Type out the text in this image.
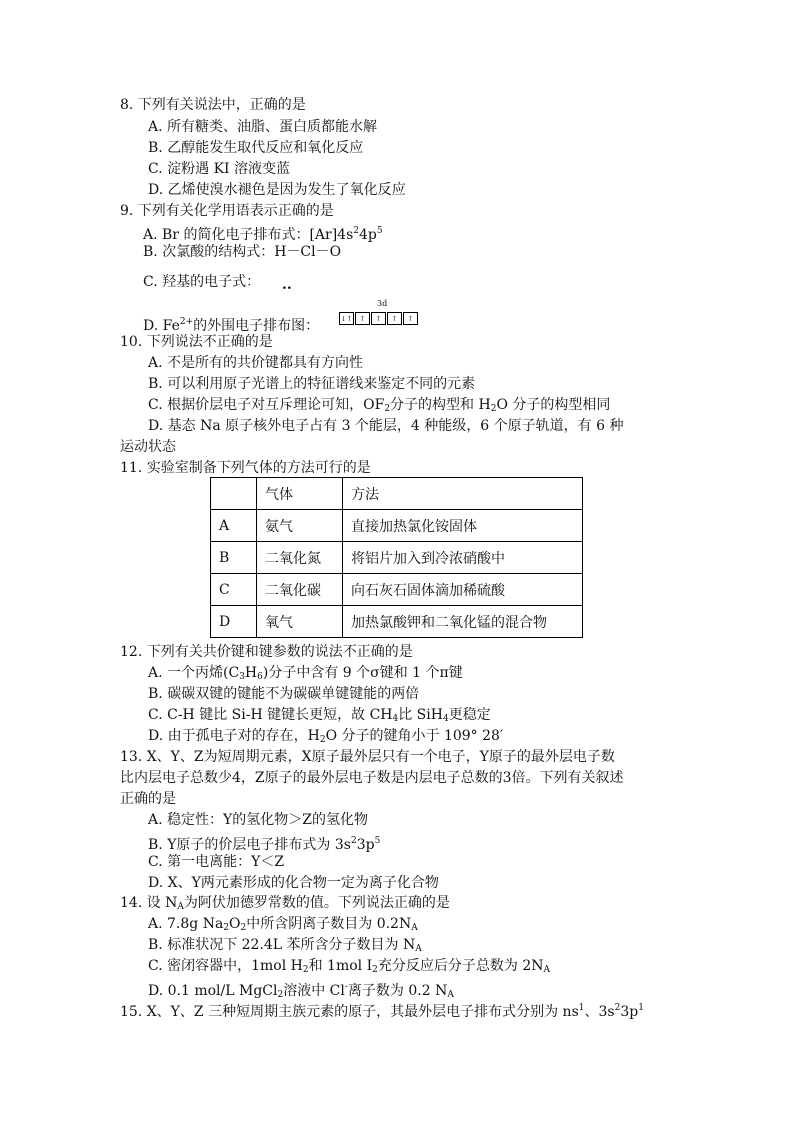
8. 下列有关说法中，正确的是
A. 所有糖类、油脂、蛋白质都能水解
B. 乙醇能发生取代反应和氧化反应
C. 淀粉遇 KI 溶液变蓝
D. 乙烯使溴水褪色是因为发生了氧化反应
9. 下列有关化学用语表示正确的是
A. Br 的简化电子排布式：$[Ar]4s^24p^5$
B. 次氯酸的结构式：H－Cl－O
C. 羟基的电子式： ..
D. $Fe^{2+}$的外围电子排布图：
3d
↓↑	↑	↑	↑	↑
10. 下列说法不正确的是
A. 不是所有的共价键都具有方向性
B. 可以利用原子光谱上的特征谱线来鉴定不同的元素
C. 根据价层电子对互斥理论可知，$OF_2$分子的构型和 $H_2O$ 分子的构型相同
D. 基态 Na 原子核外电子占有 3 个能层，4 种能级，6 个原子轨道，有 6 种
运动状态
11. 实验室制备下列气体的方法可行的是
	气体	方法
A	氨气	直接加热氯化铵固体
B	二氧化氮	将铝片加入到冷浓硝酸中
C	二氧化碳	向石灰石固体滴加稀硫酸
D	氧气	加热氯酸钾和二氧化锰的混合物
12. 下列有关共价键和键参数的说法不正确的是
A. 一个丙烯$(C_3H_6)$分子中含有 9 个σ键和 1 个π键
B. 碳碳双键的键能不为碳碳单键键能的两倍
C. C-H 键比 Si-H 键键长更短，故 $CH_4$比 SiH$_4$更稳定
D. 由于孤电子对的存在，$H_2O$ 分子的键角小于 109° 28′
13. X、Y、Z为短周期元素，X原子最外层只有一个电子，Y原子的最外层电子数
比内层电子总数少4，Z原子的最外层电子数是内层电子总数的3倍。下列有关叙述
正确的是
A. 稳定性：Y的氢化物＞Z的氢化物
B. Y原子的价层电子排布式为 $3s^23p^5$
C. 第一电离能：Y＜Z
D. X、Y两元素形成的化合物一定为离子化合物
14. 设 $N_A$为阿伏加德罗常数的值。下列说法正确的是
A. 7.8g $Na_2O_2$中所含阴离子数目为 $0.2N_A$
B. 标准状况下 22.4L 苯所含分子数目为 $N_A$
C. 密闭容器中，1mol $H_2$和 1mol $I_2$充分反应后分子总数为 $2N_A$
D. 0.1 mol/L MgCl$_2$溶液中 Cl-离子数为 0.2 $N_A$
15. X、Y、Z 三种短周期主族元素的原子，其最外层电子排布式分别为 $ns^1$、$3s^23p^1$
